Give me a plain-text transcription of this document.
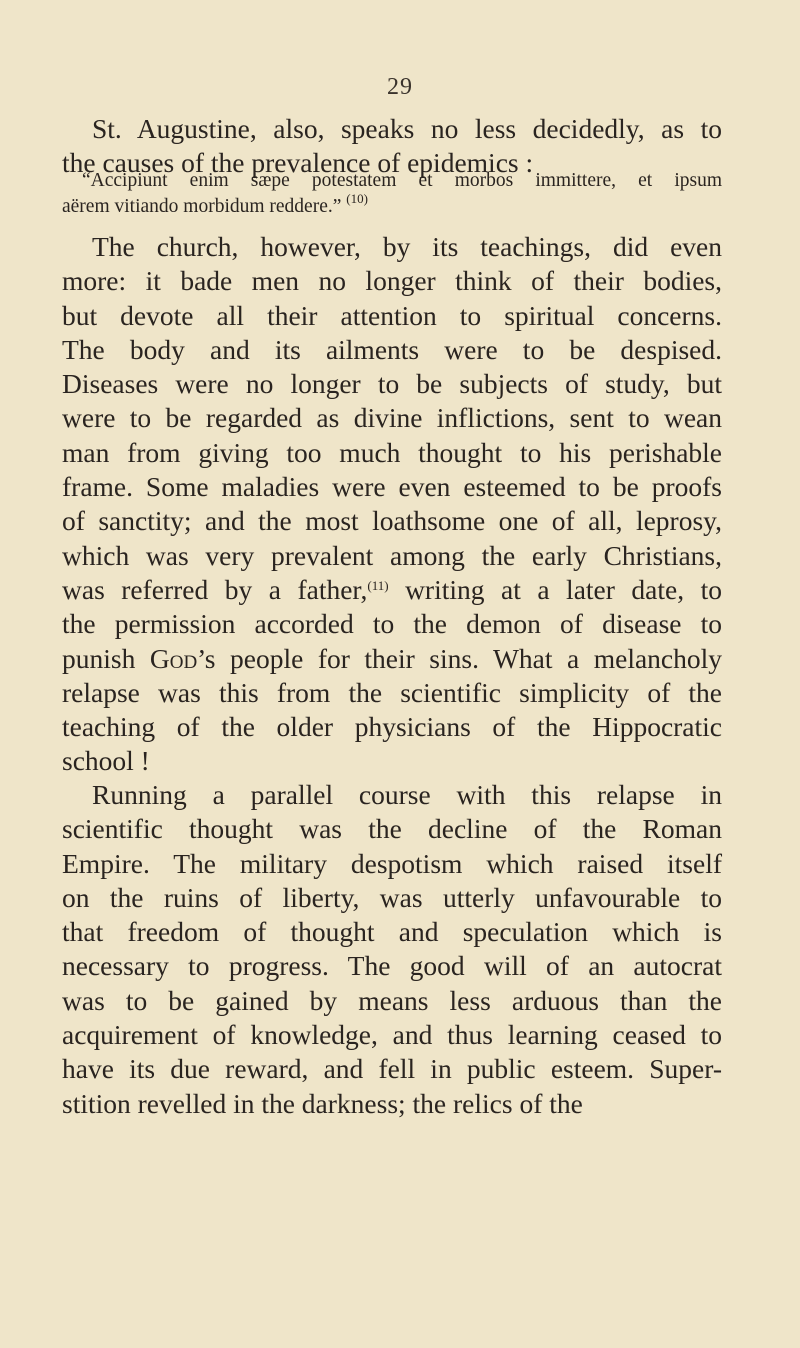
29
St. Augustine, also, speaks no less decidedly, as to
the causes of the prevalence of epidemics :
“Accipiunt enim sæpe potestatem et morbos immittere, et ipsum
aërem vitiando morbidum reddere.” $^{(10)}$
The church, however, by its teachings, did even
more: it bade men no longer think of their bodies,
but devote all their attention to spiritual concerns.
The body and its ailments were to be despised.
Diseases were no longer to be subjects of study, but
were to be regarded as divine inflictions, sent to wean
man from giving too much thought to his perishable
frame. Some maladies were even esteemed to be proofs
of sanctity; and the most loathsome one of all, leprosy,
which was very prevalent among the early Christians,
was referred by a father,$^{(11)}$ writing at a later date, to
the permission accorded to the demon of disease to
punish God’s people for their sins. What a melancholy
relapse was this from the scientific simplicity of the
teaching of the older physicians of the Hippocratic
school !
Running a parallel course with this relapse in
scientific thought was the decline of the Roman
Empire. The military despotism which raised itself
on the ruins of liberty, was utterly unfavourable to
that freedom of thought and speculation which is
necessary to progress. The good will of an autocrat
was to be gained by means less arduous than the
acquirement of knowledge, and thus learning ceased to
have its due reward, and fell in public esteem. Super-
stition revelled in the darkness; the relics of the
